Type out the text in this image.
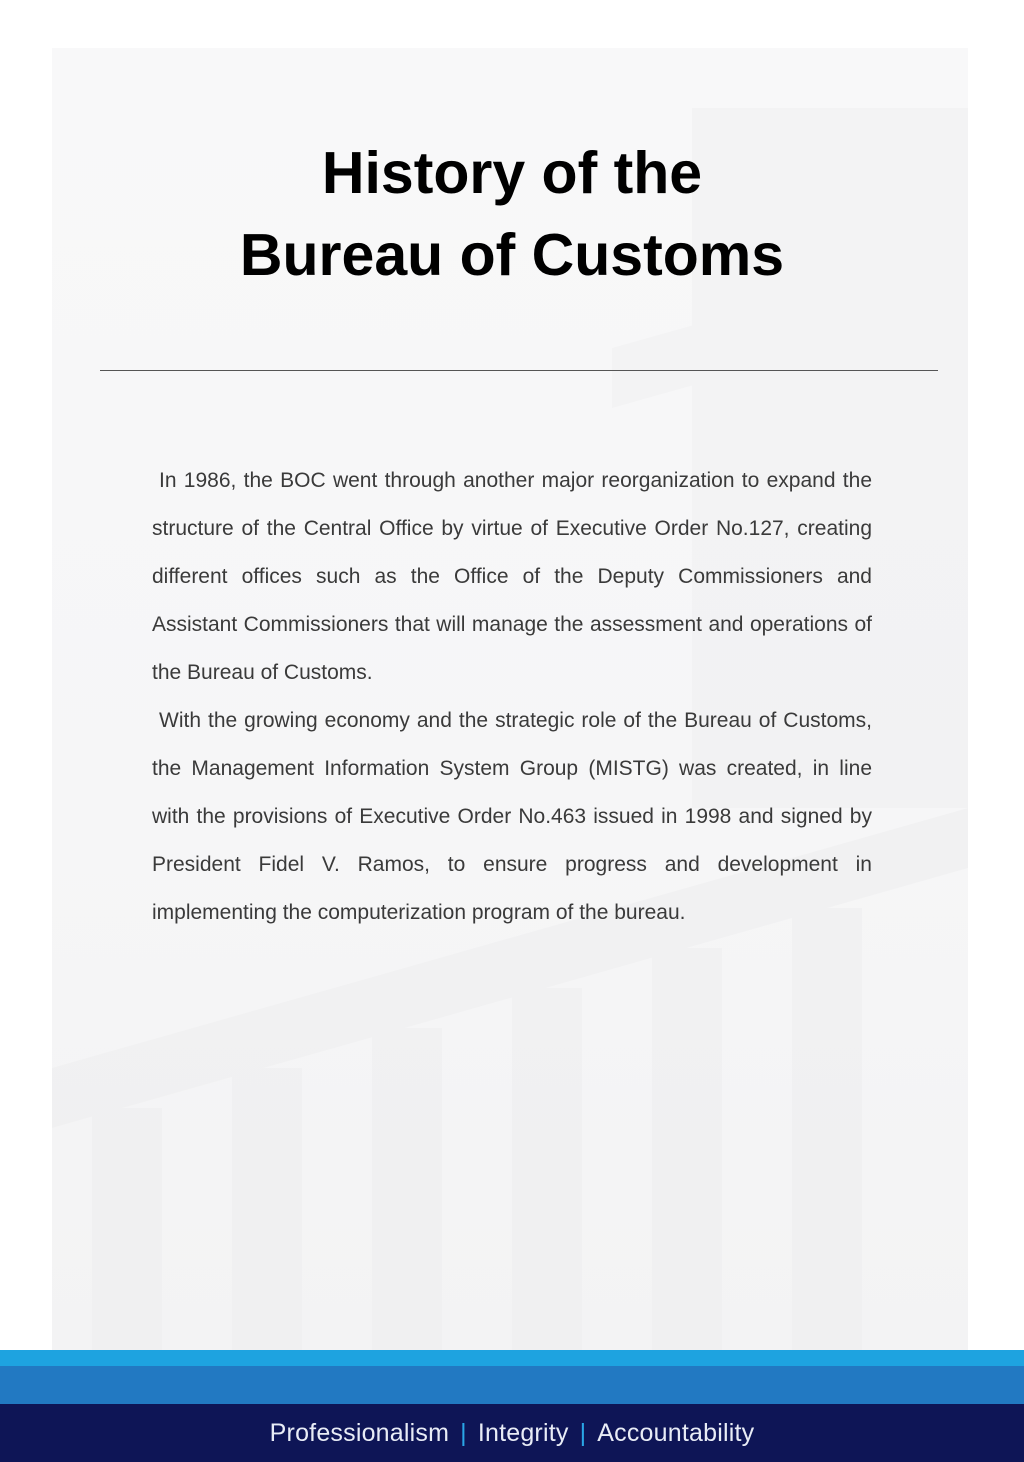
History of the
Bureau of Customs

In 1986, the BOC went through another major reorganization to expand the structure of the Central Office by virtue of Executive Order No.127, creating different offices such as the Office of the Deputy Commissioners and Assistant Commissioners that will manage the assessment and operations of the Bureau of Customs.

With the growing economy and the strategic role of the Bureau of Customs, the Management Information System Group (MISTG) was created, in line with the provisions of Executive Order No.463 issued in 1998 and signed by President Fidel V. Ramos, to ensure progress and development in implementing the computerization program of the bureau.

Professionalism | Integrity | Accountability
